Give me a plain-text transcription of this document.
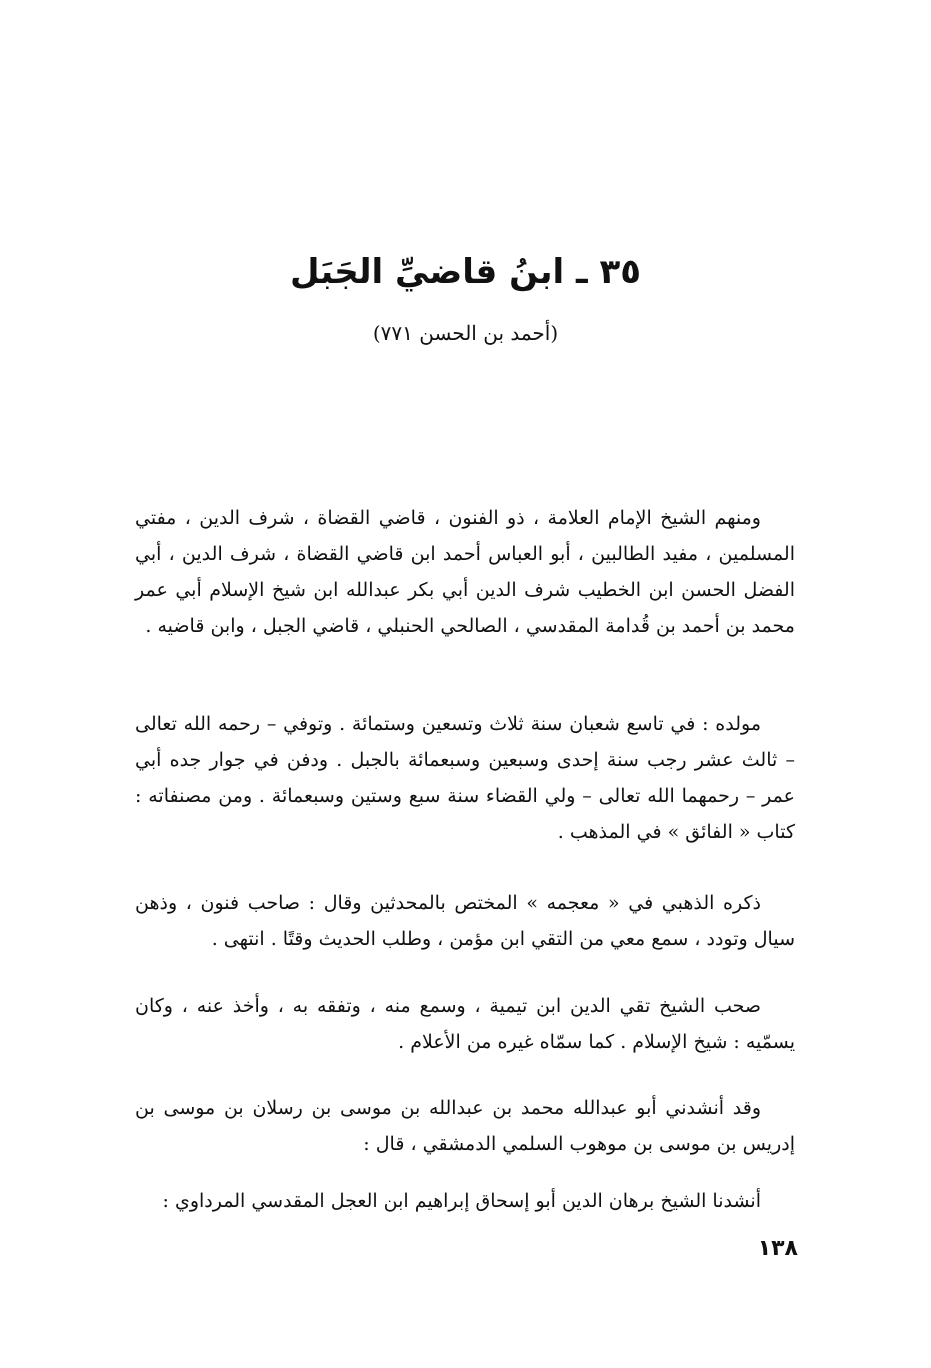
٣٥ ـ ابنُ قاضيِّ الجَبَل
(أحمد بن الحسن ٧٧١)

ومنهم الشيخ الإمام العلامة ، ذو الفنون ، قاضي القضاة ، شرف الدين ، مفتي المسلمين ، مفيد الطالبين ، أبو العباس أحمد ابن قاضي القضاة ، شرف الدين ، أبي الفضل الحسن ابن الخطيب شرف الدين أبي بكر عبدالله ابن شيخ الإسلام أبي عمر محمد بن أحمد بن قُدامة المقدسي ، الصالحي الحنبلي ، قاضي الجبل ، وابن قاضيه .

مولده : في تاسع شعبان سنة ثلاث وتسعين وستمائة . وتوفي – رحمه الله تعالى – ثالث عشر رجب سنة إحدى وسبعين وسبعمائة بالجبل . ودفن في جوار جده أبي عمر – رحمهما الله تعالى – ولي القضاء سنة سبع وستين وسبعمائة . ومن مصنفاته : كتاب « الفائق » في المذهب .

ذكره الذهبي في « معجمه » المختص بالمحدثين وقال : صاحب فنون ، وذهن سيال وتودد ، سمع معي من التقي ابن مؤمن ، وطلب الحديث وقتًا . انتهى .

صحب الشيخ تقي الدين ابن تيمية ، وسمع منه ، وتفقه به ، وأخذ عنه ، وكان يسمّيه : شيخ الإسلام . كما سمّاه غيره من الأعلام .

وقد أنشدني أبو عبدالله محمد بن عبدالله بن موسى بن رسلان بن موسى بن إدريس بن موسى بن موهوب السلمي الدمشقي ، قال :

أنشدنا الشيخ برهان الدين أبو إسحاق إبراهيم ابن العجل المقدسي المرداوي :

١٣٨
